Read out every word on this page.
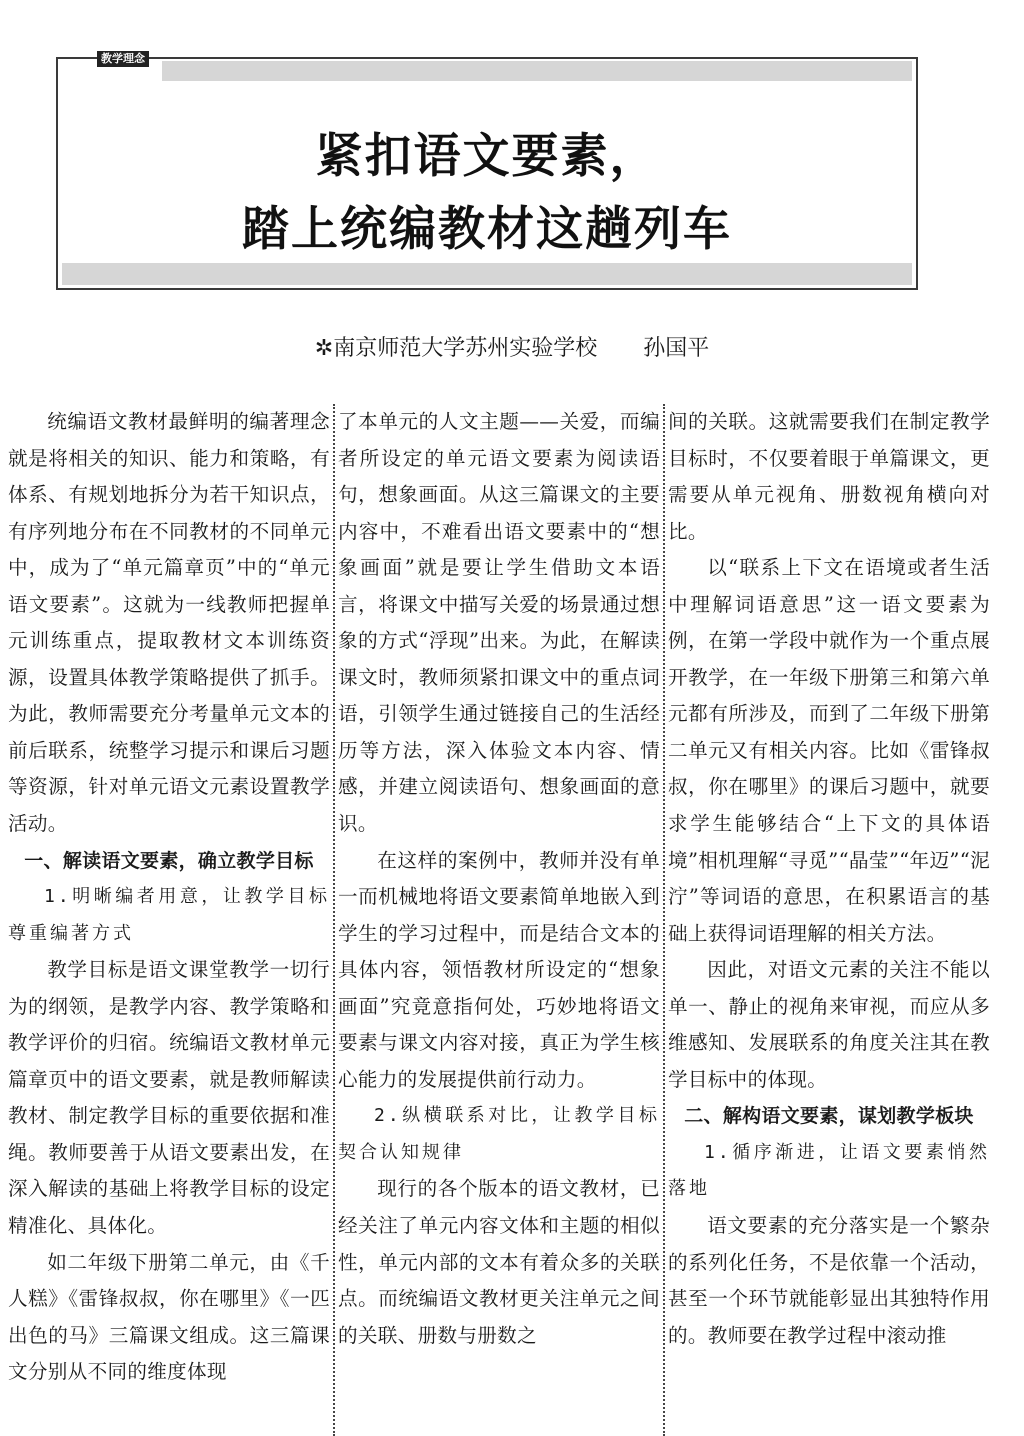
教学理念
紧扣语文要素，
踏上统编教材这趟列车
✲南京师范大学苏州实验学校 孙国平

统编语文教材最鲜明的编著理念就是将相关的知识、能力和策略，有体系、有规划地拆分为若干知识点，有序列地分布在不同教材的不同单元中，成为了“单元篇章页”中的“单元语文要素”。这就为一线教师把握单元训练重点，提取教材文本训练资源，设置具体教学策略提供了抓手。为此，教师需要充分考量单元文本的前后联系，统整学习提示和课后习题等资源，针对单元语文元素设置教学活动。

一、解读语文要素，确立教学目标
1.明晰编者用意，让教学目标尊重编著方式

教学目标是语文课堂教学一切行为的纲领，是教学内容、教学策略和教学评价的归宿。统编语文教材单元篇章页中的语文要素，就是教师解读教材、制定教学目标的重要依据和准绳。教师要善于从语文要素出发，在深入解读的基础上将教学目标的设定精准化、具体化。

如二年级下册第二单元，由《千人糕》《雷锋叔叔，你在哪里》《一匹出色的马》三篇课文组成。这三篇课文分别从不同的维度体现

了本单元的人文主题——关爱，而编者所设定的单元语文要素为阅读语句，想象画面。从这三篇课文的主要内容中，不难看出语文要素中的“想象画面”就是要让学生借助文本语言，将课文中描写关爱的场景通过想象的方式“浮现”出来。为此，在解读课文时，教师须紧扣课文中的重点词语，引领学生通过链接自己的生活经历等方法，深入体验文本内容、情感，并建立阅读语句、想象画面的意识。

在这样的案例中，教师并没有单一而机械地将语文要素简单地嵌入到学生的学习过程中，而是结合文本的具体内容，领悟教材所设定的“想象画面”究竟意指何处，巧妙地将语文要素与课文内容对接，真正为学生核心能力的发展提供前行动力。

2.纵横联系对比，让教学目标契合认知规律

现行的各个版本的语文教材，已经关注了单元内容文体和主题的相似性，单元内部的文本有着众多的关联点。而统编语文教材更关注单元之间的关联、册数与册数之

间的关联。这就需要我们在制定教学目标时，不仅要着眼于单篇课文，更需要从单元视角、册数视角横向对比。

以“联系上下文在语境或者生活中理解词语意思”这一语文要素为例，在第一学段中就作为一个重点展开教学，在一年级下册第三和第六单元都有所涉及，而到了二年级下册第二单元又有相关内容。比如《雷锋叔叔，你在哪里》的课后习题中，就要求学生能够结合“上下文的具体语境”相机理解“寻觅”“晶莹”“年迈”“泥泞”等词语的意思，在积累语言的基础上获得词语理解的相关方法。

因此，对语文元素的关注不能以单一、静止的视角来审视，而应从多维感知、发展联系的角度关注其在教学目标中的体现。

二、解构语文要素，谋划教学板块
1.循序渐进，让语文要素悄然落地

语文要素的充分落实是一个繁杂的系列化任务，不是依靠一个活动，甚至一个环节就能彰显出其独特作用的。教师要在教学过程中滚动推
